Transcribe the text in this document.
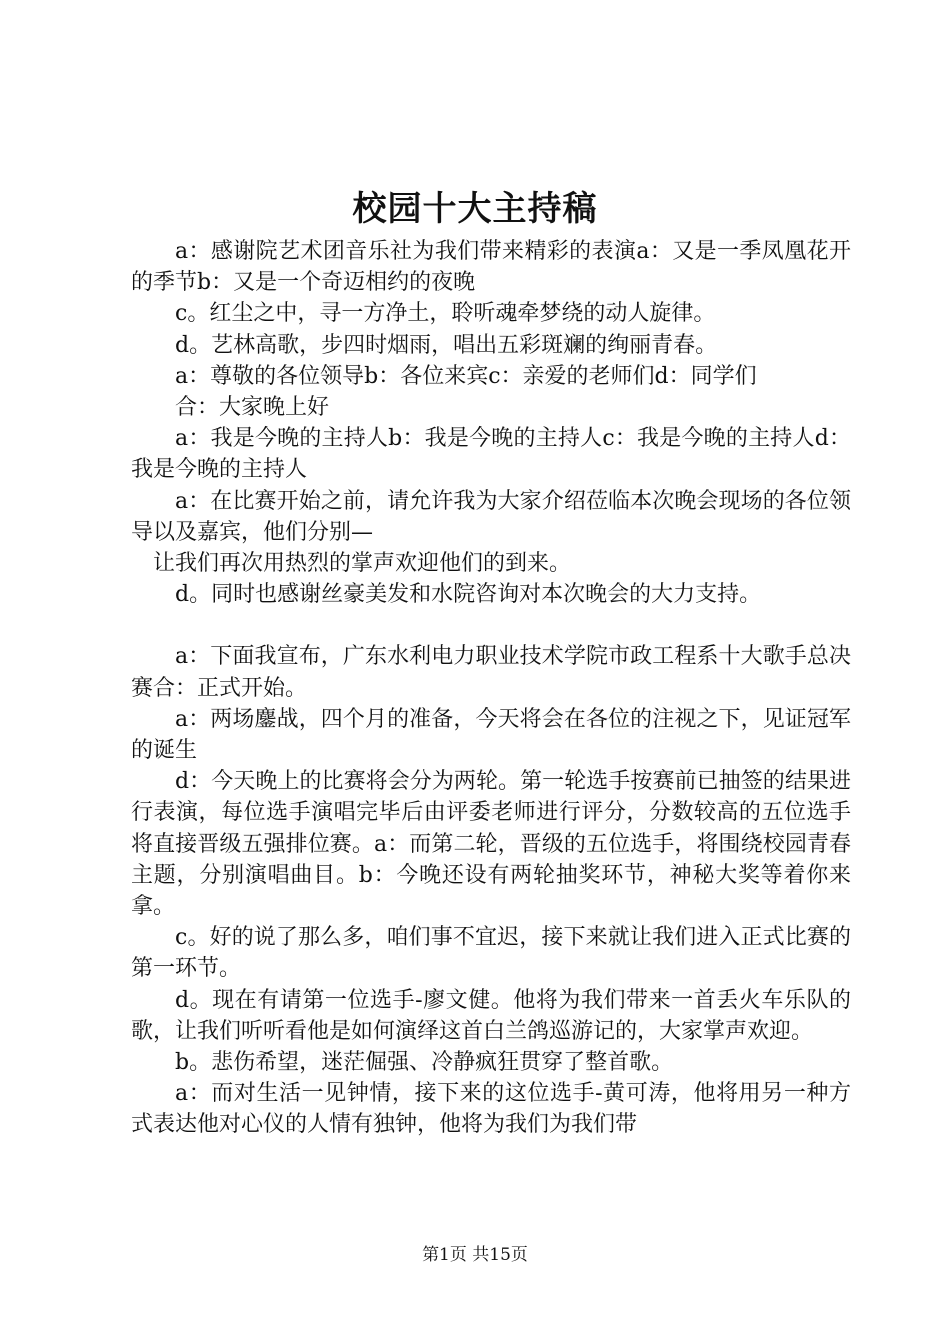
校园十大主持稿

a：感谢院艺术团音乐社为我们带来精彩的表演a：又是一季凤凰花开的季节b：又是一个奇迈相约的夜晚

c。红尘之中，寻一方净土，聆听魂牵梦绕的动人旋律。

d。艺林高歌，步四时烟雨，唱出五彩斑斓的绚丽青春。

a：尊敬的各位领导b：各位来宾c：亲爱的老师们d：同学们

合：大家晚上好

a：我是今晚的主持人b：我是今晚的主持人c：我是今晚的主持人d：我是今晚的主持人

a：在比赛开始之前，请允许我为大家介绍莅临本次晚会现场的各位领导以及嘉宾，他们分别—

让我们再次用热烈的掌声欢迎他们的到来。

d。同时也感谢丝豪美发和水院咨询对本次晚会的大力支持。

a：下面我宣布，广东水利电力职业技术学院市政工程系十大歌手总决赛合：正式开始。

a：两场鏖战，四个月的准备，今天将会在各位的注视之下，见证冠军的诞生

d：今天晚上的比赛将会分为两轮。第一轮选手按赛前已抽签的结果进行表演，每位选手演唱完毕后由评委老师进行评分，分数较高的五位选手将直接晋级五强排位赛。a：而第二轮，晋级的五位选手，将围绕校园青春主题，分别演唱曲目。b：今晚还设有两轮抽奖环节，神秘大奖等着你来拿。

c。好的说了那么多，咱们事不宜迟，接下来就让我们进入正式比赛的第一环节。

d。现在有请第一位选手-廖文健。他将为我们带来一首丢火车乐队的歌，让我们听听看他是如何演绎这首白兰鸽巡游记的，大家掌声欢迎。

b。悲伤希望，迷茫倔强、冷静疯狂贯穿了整首歌。

a：而对生活一见钟情，接下来的这位选手-黄可涛，他将用另一种方式表达他对心仪的人情有独钟，他将为我们为我们带

第1页 共15页
